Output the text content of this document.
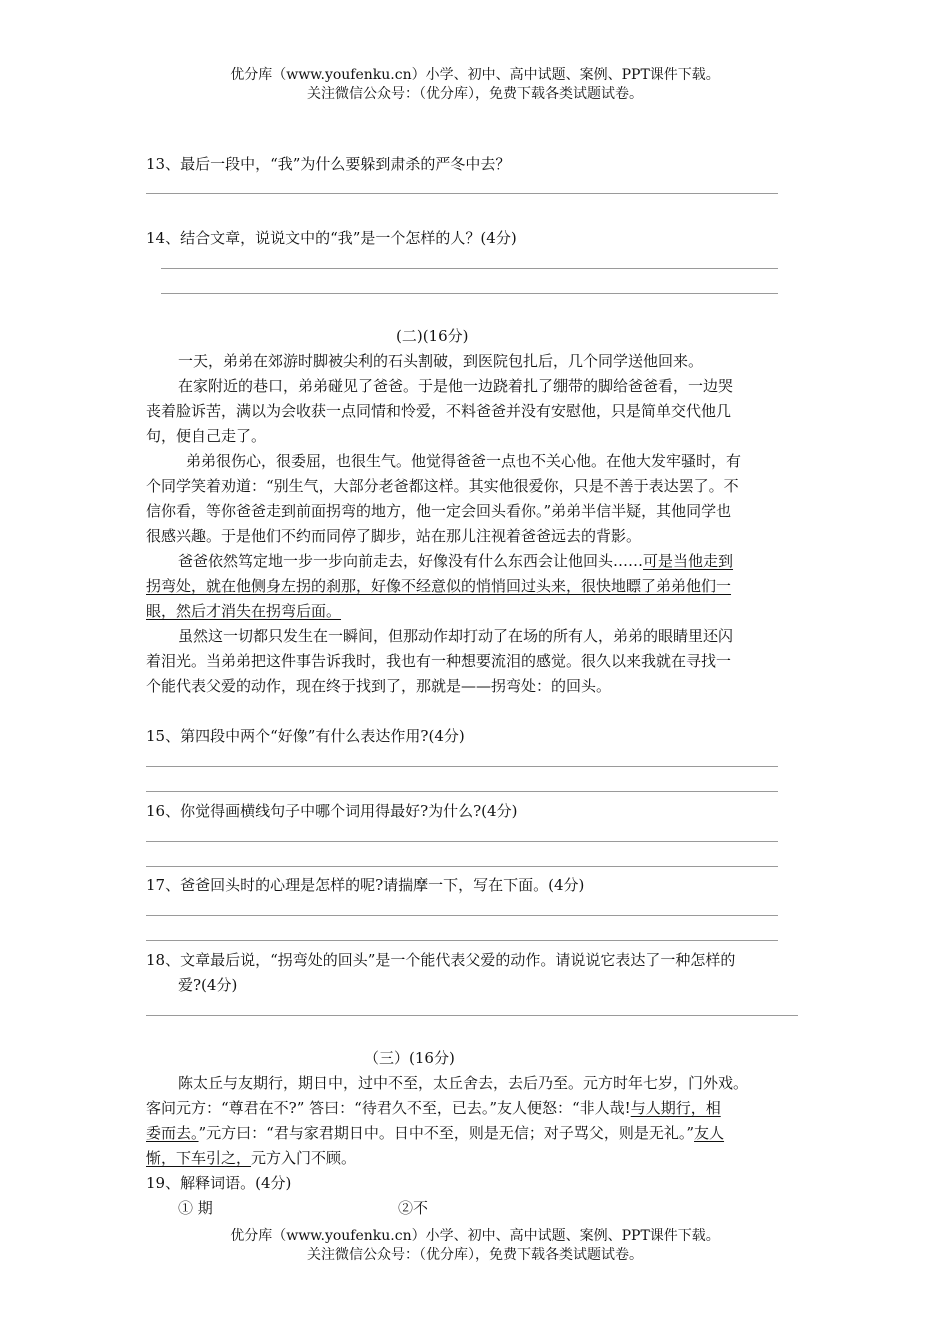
优分库（www.youfenku.cn）小学、初中、高中试题、案例、PPT课件下载。
关注微信公众号：（优分库），免费下载各类试题试卷。
13、最后一段中，“我”为什么要躲到肃杀的严冬中去？
14、结合文章，说说文中的“我”是一个怎样的人？(4分)
(二)(16分)
一天，弟弟在郊游时脚被尖利的石头割破，到医院包扎后，几个同学送他回来。
在家附近的巷口，弟弟碰见了爸爸。于是他一边跷着扎了绷带的脚给爸爸看，一边哭
丧着脸诉苦，满以为会收获一点同情和怜爱，不料爸爸并没有安慰他，只是简单交代他几
句，便自己走了。
弟弟很伤心，很委屈，也很生气。他觉得爸爸一点也不关心他。在他大发牢骚时，有
个同学笑着劝道：“别生气，大部分老爸都这样。其实他很爱你，只是不善于表达罢了。不
信你看，等你爸爸走到前面拐弯的地方，他一定会回头看你。”弟弟半信半疑，其他同学也
很感兴趣。于是他们不约而同停了脚步，站在那儿注视着爸爸远去的背影。
爸爸依然笃定地一步一步向前走去，好像没有什么东西会让他回头……可是当他走到
拐弯处，就在他侧身左拐的刹那，好像不经意似的悄悄回过头来，很快地瞟了弟弟他们一
眼，然后才消失在拐弯后面。
虽然这一切都只发生在一瞬间，但那动作却打动了在场的所有人，弟弟的眼睛里还闪
着泪光。当弟弟把这件事告诉我时，我也有一种想要流泪的感觉。很久以来我就在寻找一
个能代表父爱的动作，现在终于找到了，那就是——拐弯处：的回头。
15、第四段中两个“好像”有什么表达作用?(4分)
16、你觉得画横线句子中哪个词用得最好?为什么?(4分)
17、爸爸回头时的心理是怎样的呢?请揣摩一下，写在下面。(4分)
18、文章最后说，“拐弯处的回头”是一个能代表父爱的动作。请说说它表达了一种怎样的
爱?(4分)
（三）(16分)
陈太丘与友期行，期日中，过中不至，太丘舍去，去后乃至。元方时年七岁，门外戏。
客问元方：“尊君在不?” 答曰：“待君久不至，已去。”友人便怒：“非人哉!与人期行，相
委而去。”元方曰：“君与家君期日中。日中不至，则是无信；对子骂父，则是无礼。”友人
惭，下车引之，元方入门不顾。
19、解释词语。(4分)
① 期	②不
优分库（www.youfenku.cn）小学、初中、高中试题、案例、PPT课件下载。
关注微信公众号：（优分库），免费下载各类试题试卷。
